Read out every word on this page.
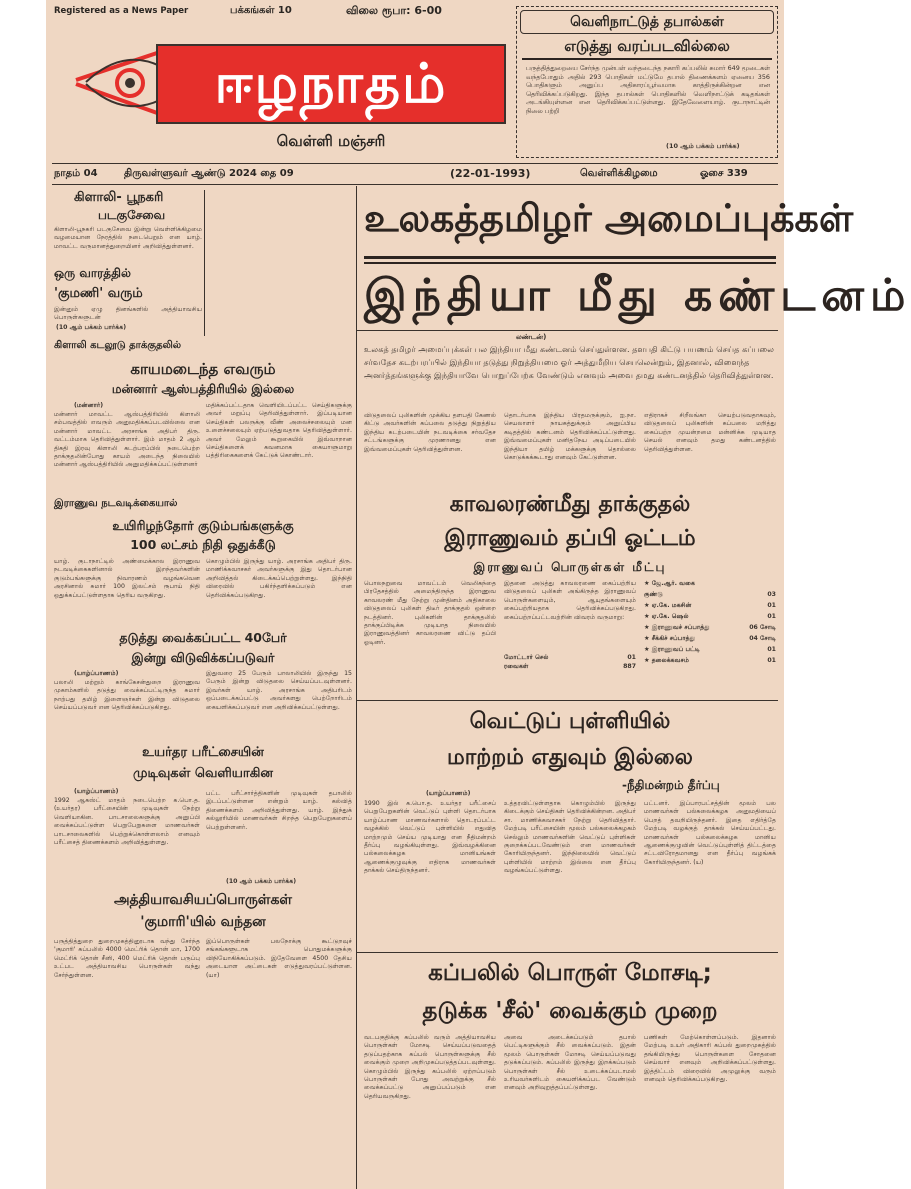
Registered as a News Paper	பக்கங்கள் 10	விலை ரூபா: 6-00
ஈழநாதம்
வெள்ளி மஞ்சரி
வெளிநாட்டுத் தபால்கள்
எடுத்து வரப்படவில்லை
பருத்தித்துறையை சேர்ந்த முன்பள் வந்தடைந்த நகாரி கப்பலில் சுமார் 649 மூடைகள் வந்தபோதும் அதில் 293 பொதிகள் மட்டுமே தபால் திணைக்களம் ஏனைய 356 பொதிகளும் அனுப்ப அதிகாரப்பூர்வமாக காத்திருக்கின்றன என தெரிவிக்கப்படுகிறது. இந்த தபால்கள் பொதிகளில் வெளிநாட்டுக் கடிதங்கள் அடங்கியுள்ளன என தெரிவிக்கப்பட்டுள்ளது. இதேவேளையாழ். குடாநாட்டின் நிலை பற்றி
(10 ஆம் பக்கம் பார்க்க)
நாதம் 04	திருவள்ளுவர் ஆண்டு 2024 தை 09	(22-01-1993)	வெள்ளிக்கிழமை	ஓசை 339
உலகத்தமிழர் அமைப்புக்கள்
இந்தியா மீது கண்டனம்
கிளாலி- பூநகரி
படகுசேவை
கிளாலி-பூநகரி படகுசேவை இன்று வெள்ளிக்கிழமை வழமையான நேரத்தில் நடைபெறும் என யாழ். மாவட்ட வருமானத்துறையினர் அறிவித்துள்ளனர்.
ஒரு வாரத்தில்
'குமணி' வரும்
இன்னும் ஏழு தினங்களில் அத்தியாவசிய பொருள்களுடன்
(10 ஆம் பக்கம் பார்க்க)
கிளாலி கடலூடு தாக்குதலில்
காயமடைந்த எவரும்
மன்னார் ஆஸ்பத்திரியில் இல்லை
(மன்னார்)
மன்னார் மாவட்ட ஆஸ்பத்திரியில் கிளாலி சம்பவத்தில் எவரும் அனுமதிக்கப்படவில்லை என மன்னார் மாவட்ட அரசாங்க அதிபர் திரு. வட்டம்மாக தெரிவித்துள்ளார். இம் மாதம் 2 ஆம் திகதி இரவு கிளாலி கடற்பரப்பில் நடைபெற்ற தாக்குதலின்போது காயம் அடைந்த நிலையில் மன்னார் ஆஸ்பத்திரியில் அனுமதிக்கப்பட்டுள்ளனர்
மதிக்கப்பட்டதாக வெளியிடப்பட்ட செய்திகளுக்கு அவர் மறுப்பு தெரிவித்துள்ளார். இப்படியான செய்திகள் பலருக்கு வீண் அலைச்சலையும் மன உளைச்சலையும் ஏற்படுத்துவதாக தெரிவித்துள்ளார். அவர் மேலும் கூறுகையில் இவ்வாறான செய்திகளைக் கவனமாக கையாளுமாறு பத்திரிகைகளைக் கேட்டுக் கொண்டார்.
இராணுவ நடவடிக்கையால்
உயிரிழந்தோர் குடும்பங்களுக்கு
100 லட்சம் நிதி ஒதுக்கீடு
யாழ். குடாநாட்டில் அண்மைக்கால இராணுவ நடவடிக்கைகளினால் இறந்தவர்களின் குடும்பங்களுக்கு நிவாரணம் வழங்கவென அரசினால் சுமார் 100 இலட்சம் ரூபாய் நிதி ஒதுக்கப்பட்டுள்ளதாக தெரிய வருகிறது.
கொழும்பில் இருந்து யாழ். அரசாங்க அதிபர் திரு. மாணிக்கவாசகர் அவர்களுக்கு இது தொடர்பான அறிவித்தல் கிடைக்கப்பெற்றுள்ளது. இந்நிதி விரைவில் பகிர்ந்தளிக்கப்படும் என தெரிவிக்கப்படுகிறது.
தடுத்து வைக்கப்பட்ட 40பேர்
இன்று விடுவிக்கப்படுவர்
(யாழ்ப்பாணம்)
பலாலி மற்றும் காங்கேசன்துறை இராணுவ முகாம்களில் தடுத்து வைக்கப்பட்டிருந்த சுமார் நாற்பது தமிழ் இளைஞர்கள் இன்று விடுதலை செய்யப்படுவர் என தெரிவிக்கப்படுகிறது.
இதுவரை 25 பேரும் பாலாலியில் இருந்து 15 பேரும் இன்று விடுதலை செய்யப்படவுள்ளனர். இவர்கள் யாழ். அரசாங்க அதிபரிடம் ஒப்படைக்கப்பட்டு அவர்களது பெற்றோரிடம் கையளிக்கப்படுவர் என அறிவிக்கப்பட்டுள்ளது.
உயர்தர பரீட்சையின்
முடிவுகள் வெளியாகின
(யாழ்ப்பாணம்)
1992 ஆகஸ்ட் மாதம் நடைபெற்ற க.பொ.த.(உயர்தர) பரீட்சையின் முடிவுகள் நேற்று வெளியாகின. பாடசாலைகளுக்கு அனுப்பி வைக்கப்பட்டுள்ள பெறுபேறுகளை மாணவர்கள் பாடசாலைகளில் பெற்றுக்கொள்ளலாம் எனவும் பரீட்சைத் திணைக்களம் அறிவித்துள்ளது.
பட்ட பரீட்சார்த்திகளின் முடிவுகள் தபாலில் இடப்பட்டுள்ளன என்றும் யாழ். கல்வித் திணைக்களம் அறிவித்துள்ளது. யாழ். இந்துக் கல்லூரியில் மாணவர்கள் சிறந்த பெறுபேறுகளைப் பெற்றுள்ளனர்.
(10 ஆம் பக்கம் பார்க்க)
அத்தியாவசியப்பொருள்கள்
'குமாரி'யில் வந்தன
பருத்தித்துறை துறைமுகத்தினூடாக வந்து சேர்ந்த 'குமாரி' கப்பலில் 4000 மெட்ரிக் தொன் மா, 1700 மெட்ரிக் தொன் சீனி, 400 மெட்ரிக் தொன் பருப்பு உட்பட அத்தியாவசிய பொருள்கள் வந்து சேர்ந்துள்ளன.
இப்பொருள்கள் பலநோக்கு கூட்டுறவுச் சங்கங்களூடாக பொதுமக்களுக்கு விநியோகிக்கப்படும். இதேவேளை 4500 தேசிய அடையாள அட்டைகள் எடுத்துவரப்பட்டுள்ளன. (யா)
லண்டன்)
உலகத் தமிழர் அமைப்புக்கள் பல இந்தியா மீது கண்டனம் செய்துள்ளன. தளபதி கிட்டு பயணம் செய்த கப்பலை சர்வதேச கடற்பரப்பில் இந்தியா தடுத்து நிறுத்தியமை ஓர் அத்துமீறிய செயலென்றும், இதனால், விளைந்த அனர்த்தங்களுக்கு இந்தியாவே பொறுப்பேற்க வேண்டும் எனவும் அவை தமது கண்டனத்தில் தெரிவித்துள்ளன.
விடுதலைப் புலிகளின் முக்கிய தளபதி கேணல் கிட்டு அவர்களின் கப்பலை தடுத்து நிறுத்திய இந்திய கடற்படையின் நடவடிக்கை சர்வதேச சட்டங்களுக்கு முரணானது என இவ்வமைப்புகள் தெரிவித்துள்ளன.
தொடர்பாக இந்திய பிரதமருக்கும், ஐ.நா. செயலாளர் நாயகத்துக்கும் அனுப்பிய கடிதத்தில் கண்டனம் தெரிவிக்கப்பட்டுள்ளது. இவ்வமைப்புகள் மனிதநேய அடிப்படையில் இந்தியா தமிழ் மக்களுக்கு தொல்லை கொடுக்கக்கூடாது எனவும் கேட்டுள்ளன.
எதிராகச் சிறீலங்கா செயற்படுவதாகவும், விடுதலைப் புலிகளின் கப்பலை மறித்து கைப்பற்ற முயன்றமை மன்னிக்க முடியாத செயல் எனவும் தமது கண்டனத்தில் தெரிவித்துள்ளன.
காவலரண்மீது தாக்குதல்
இராணுவம் தப்பி ஓட்டம்
இராணுவப் பொருள்கள் மீட்பு
பொலநறுவை மாவட்டம் வெலிகந்தை பிரதேசத்தில் அமைந்திருந்த இராணுவ காவலரண் மீது நேற்று முன்தினம் அதிகாலை விடுதலைப் புலிகள் திடீர் தாக்குதல் ஒன்றை நடத்தினர். புலிகளின் தாக்குதலில் தாக்குப்பிடிக்க முடியாத நிலையில் இராணுவத்தினர் காவலரணை விட்டு தப்பி ஓடினர்.
இதனை அடுத்து காவலரணை கைப்பற்றிய விடுதலைப் புலிகள் அங்கிருந்த இராணுவப் பொருள்களையும், ஆயுதங்களையும் கைப்பற்றியதாக தெரிவிக்கப்படுகிறது. கைப்பற்றப்பட்டவற்றின் விவரம் வருமாறு:
மோட்டார் செல்	01
ரவைகள்	887
★ ஜே.ஆர். வகை
குண்டு	03
★ ஏ.கே. மகசின்	01
★ ஏ.கே. ஷெல்	01
★ இராணுவச் சப்பாத்து	06 சோடி
★ சீக்கிச் சப்பாத்து	04 சோடி
★ இராணுவப் பட்டி	01
★ தலைக்கவசம்	01
வெட்டுப் புள்ளியில்
மாற்றம் எதுவும் இல்லை
-நீதிமன்றம் தீர்ப்பு
(யாழ்ப்பாணம்)
1990 இல் க.பொ.த. உயர்தர பரீட்சைப் பெறுபேறுகளின் வெட்டுப் புள்ளி தொடர்பாக யாழ்ப்பாண மாணவர்களால் தொடரப்பட்ட வழக்கில் வெட்டுப் புள்ளியில் எதுவித மாற்றமும் செய்ய முடியாது என நீதிமன்றம் தீர்ப்பு வழங்கியுள்ளது. இவ்வழக்கினை பல்கலைக்கழக மானியங்கள் ஆணைக்குழுவுக்கு எதிராக மாணவர்கள் தாக்கல் செய்திருந்தனர்.
உத்தரவிட்டுள்ளதாக கொழும்பில் இருந்து கிடைக்கும் செய்திகள் தெரிவிக்கின்றன. அதிபர் சா. மாணிக்கவாசகர் நேற்று தெரிவித்தார். மேற்படி பரீட்சையின் மூலம் பல்கலைக்கழகம் செல்லும் மாணவர்களின் வெட்டுப் புள்ளிகள் குறைக்கப்படவேண்டும் என மாணவர்கள் கோரியிருந்தனர். இந்நிலையில் வெட்டுப் புள்ளியில் மாற்றம் இல்லை என தீர்ப்பு வழங்கப்பட்டுள்ளது.
பட்டனர். இப்பாரபட்சத்தின் மூலம் பல மாணவர்கள் பல்கலைக்கழக அனுமதியைப் பெறத் தவறியிருந்தனர். இதை எதிர்த்தே மேற்படி வழக்குத் தாக்கல் செய்யப்பட்டது. மாணவர்கள் பல்கலைக்கழக மானிய ஆணைக்குழுவின் வெட்டுப்புள்ளித் திட்டத்தை சட்டவிரோதமானது என தீர்ப்பு வழங்கக் கோரியிருந்தனர். (ய)
கப்பலில் பொருள் மோசடி;
தடுக்க 'சீல்' வைக்கும் முறை
வடபகுதிக்கு கப்பலில் வரும் அத்தியாவசிய பொருள்கள் மோசடி செய்யப்படுவதைத் தடுப்பதற்காக கப்பல் பொருள்களுக்கு சீல் வைக்கும் முறை அறிமுகப்படுத்தப்படவுள்ளது. கொழும்பில் இருந்து கப்பலில் ஏற்றப்படும் பொருள்கள் போது அவற்றுக்கு சீல் வைக்கப்பட்டு அனுப்பப்படும் என தெரியவருகிறது.
அவை அடைக்கப்படும் தபால் பெட்டிகளுக்கும் சீல் வைக்கப்படும். இதன் மூலம் பொருள்கள் மோசடி செய்யப்படுவது தடுக்கப்படும். கப்பலில் இருந்து இறக்கப்படும் பொருள்கள் சீல் உடைக்கப்படாமல் உரியவர்களிடம் கையளிக்கப்பட வேண்டும் எனவும் அறிவுறுத்தப்பட்டுள்ளது.
பணிகள் மேற்கொள்ளப்படும். இதனால் மேற்படி உயர் அதிகாரி கப்பல் துறைமுகத்தில் தங்கியிருந்து பொருள்களை சோதனை செய்வார் எனவும் அறிவிக்கப்பட்டுள்ளது. இத்திட்டம் விரைவில் அமுலுக்கு வரும் எனவும் தெரிவிக்கப்படுகிறது.
